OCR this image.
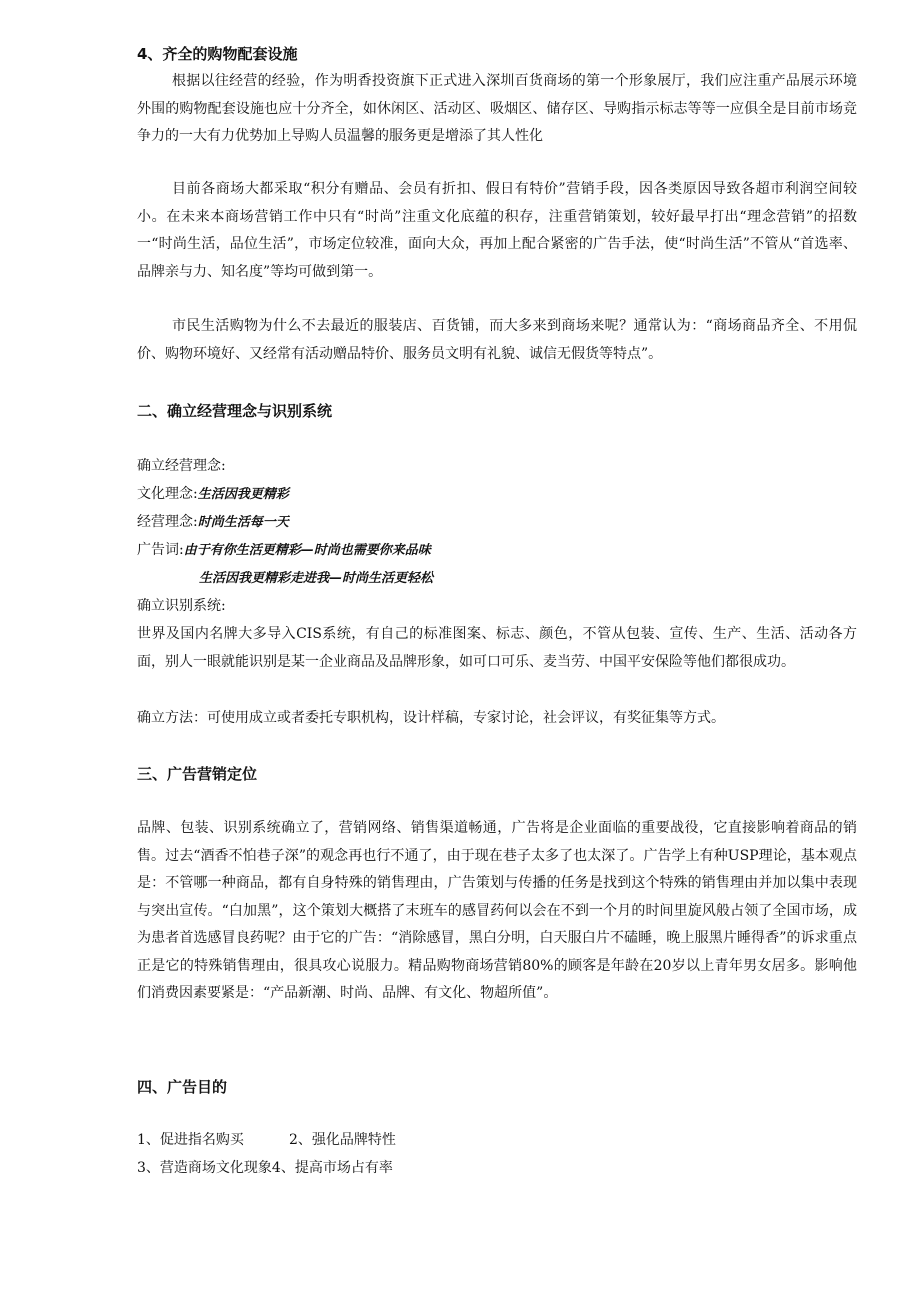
4、齐全的购物配套设施
根据以往经营的经验，作为明香投资旗下正式进入深圳百货商场的第一个形象展厅，我们应注重产品展示环境外围的购物配套设施也应十分齐全，如休闲区、活动区、吸烟区、储存区、导购指示标志等等一应俱全是目前市场竞争力的一大有力优势加上导购人员温馨的服务更是增添了其人性化
目前各商场大都采取“积分有赠品、会员有折扣、假日有特价”营销手段，因各类原因导致各超市利润空间较小。在未来本商场营销工作中只有“时尚”注重文化底蕴的积存，注重营销策划，较好最早打出“理念营销”的招数一“时尚生活，品位生活”，市场定位较准，面向大众，再加上配合紧密的广告手法，使“时尚生活”不管从“首选率、品牌亲与力、知名度”等均可做到第一。
市民生活购物为什么不去最近的服装店、百货铺，而大多来到商场来呢？通常认为：“商场商品齐全、不用侃价、购物环境好、又经常有活动赠品特价、服务员文明有礼貌、诚信无假货等特点”。
二、确立经营理念与识别系统
确立经营理念:
文化理念:生活因我更精彩
经营理念:时尚生活每一天
广告词:由于有你生活更精彩—时尚也需要你来品味
生活因我更精彩走进我—时尚生活更轻松
确立识别系统:
世界及国内名牌大多导入CIS系统，有自己的标准图案、标志、颜色，不管从包装、宣传、生产、生活、活动各方面，别人一眼就能识别是某一企业商品及品牌形象，如可口可乐、麦当劳、中国平安保险等他们都很成功。
确立方法：可使用成立或者委托专职机构，设计样稿，专家讨论，社会评议，有奖征集等方式。
三、广告营销定位
品牌、包装、识别系统确立了，营销网络、销售渠道畅通，广告将是企业面临的重要战役，它直接影响着商品的销售。过去“酒香不怕巷子深”的观念再也行不通了，由于现在巷子太多了也太深了。广告学上有种USP理论，基本观点是：不管哪一种商品，都有自身特殊的销售理由，广告策划与传播的任务是找到这个特殊的销售理由并加以集中表现与突出宣传。“白加黑”，这个策划大概搭了末班车的感冒药何以会在不到一个月的时间里旋风般占领了全国市场，成为患者首选感冒良药呢？由于它的广告：“消除感冒，黑白分明，白天服白片不磕睡，晚上服黑片睡得香”的诉求重点正是它的特殊销售理由，很具攻心说服力。精品购物商场营销80%的顾客是年龄在20岁以上青年男女居多。影响他们消费因素要紧是：“产品新潮、时尚、品牌、有文化、物超所值”。
四、广告目的
1、促进指名购买	2、强化品牌特性
3、营造商场文化现象4、提高市场占有率
